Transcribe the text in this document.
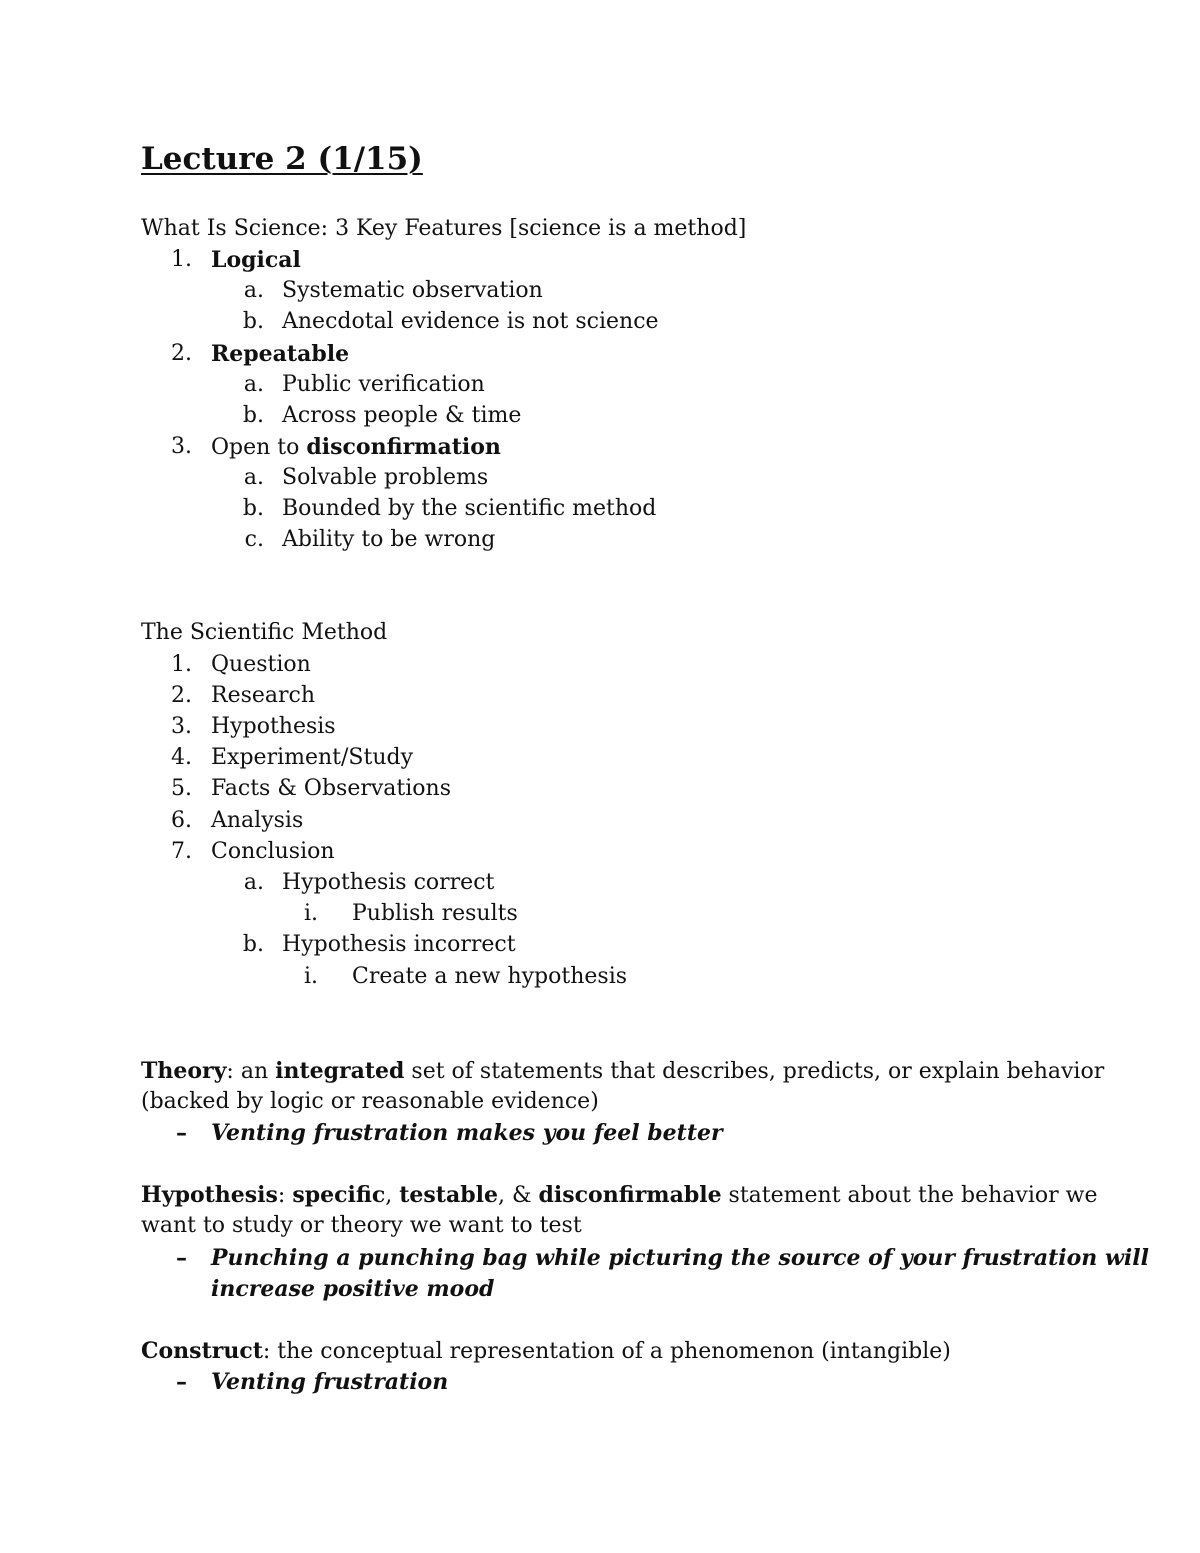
Lecture 2 (1/15)
What Is Science: 3 Key Features [science is a method]
1. Logical
a. Systematic observation
b. Anecdotal evidence is not science
2. Repeatable
a. Public verification
b. Across people & time
3. Open to disconfirmation
a. Solvable problems
b. Bounded by the scientific method
c. Ability to be wrong
The Scientific Method
1. Question
2. Research
3. Hypothesis
4. Experiment/Study
5. Facts & Observations
6. Analysis
7. Conclusion
a. Hypothesis correct
i. Publish results
b. Hypothesis incorrect
i. Create a new hypothesis
Theory: an integrated set of statements that describes, predicts, or explain behavior
(backed by logic or reasonable evidence)
– Venting frustration makes you feel better
Hypothesis: specific, testable, & disconfirmable statement about the behavior we
want to study or theory we want to test
– Punching a punching bag while picturing the source of your frustration will
increase positive mood
Construct: the conceptual representation of a phenomenon (intangible)
– Venting frustration
